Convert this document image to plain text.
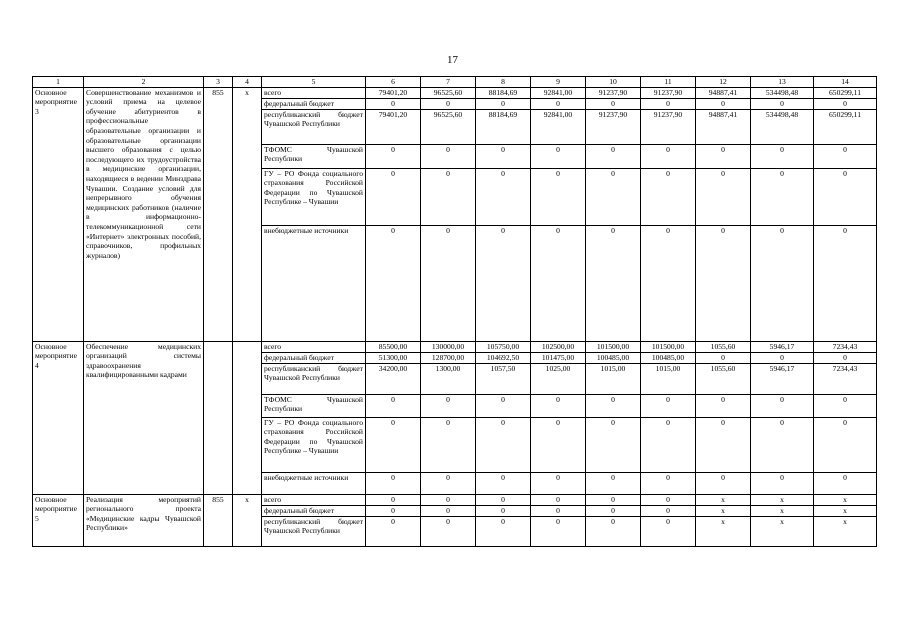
17
1	2	3	4	5	6	7	8	9	10	11	12	13	14
Основное мероприятие 3	Совершенствование механизмов и условий приема на целевое обучение абитуриентов в профессиональные образовательные организации и образовательные организации высшего образования с целью последующего их трудоустройства в медицинские организации, находящиеся в ведении Минздрава Чувашии. Создание условий для непрерывного обучения медицинских работников (наличие в информационно-телекоммуникационной сети «Интернет» электронных пособий, справочников, профильных журналов)	855	x	всего	79401,20	96525,60	88184,69	92841,00	91237,90	91237,90	94887,41	534498,48	650299,11
				федеральный бюджет	0	0	0	0	0	0	0	0	0
				республиканский бюджет Чувашской Республики	79401,20	96525,60	88184,69	92841,00	91237,90	91237,90	94887,41	534498,48	650299,11
				ТФОМС Чувашской Республики	0	0	0	0	0	0	0	0	0
				ГУ – РО Фонда социального страхования Российской Федерации по Чувашской Республике – Чувашии	0	0	0	0	0	0	0	0	0
				внебюджетные источники	0	0	0	0	0	0	0	0	0
Основное мероприятие 4	Обеспечение медицинских организаций системы здравоохранения квалифицированными кадрами			всего	85500,00	130000,00	105750,00	102500,00	101500,00	101500,00	1055,60	5946,17	7234,43
				федеральный бюджет	51300,00	128700,00	104692,50	101475,00	100485,00	100485,00	0	0	0
				республиканский бюджет Чувашской Республики	34200,00	1300,00	1057,50	1025,00	1015,00	1015,00	1055,60	5946,17	7234,43
				ТФОМС Чувашской Республики	0	0	0	0	0	0	0	0	0
				ГУ – РО Фонда социального страхования Российской Федерации по Чувашской Республике – Чувашии	0	0	0	0	0	0	0	0	0
				внебюджетные источники	0	0	0	0	0	0	0	0	0
Основное мероприятие 5	Реализация мероприятий регионального проекта «Медицинские кадры Чувашской Республики»	855	x	всего	0	0	0	0	0	0	x	x	x
				федеральный бюджет	0	0	0	0	0	0	x	x	x
				республиканский бюджет Чувашской Республики	0	0	0	0	0	0	x	x	x
